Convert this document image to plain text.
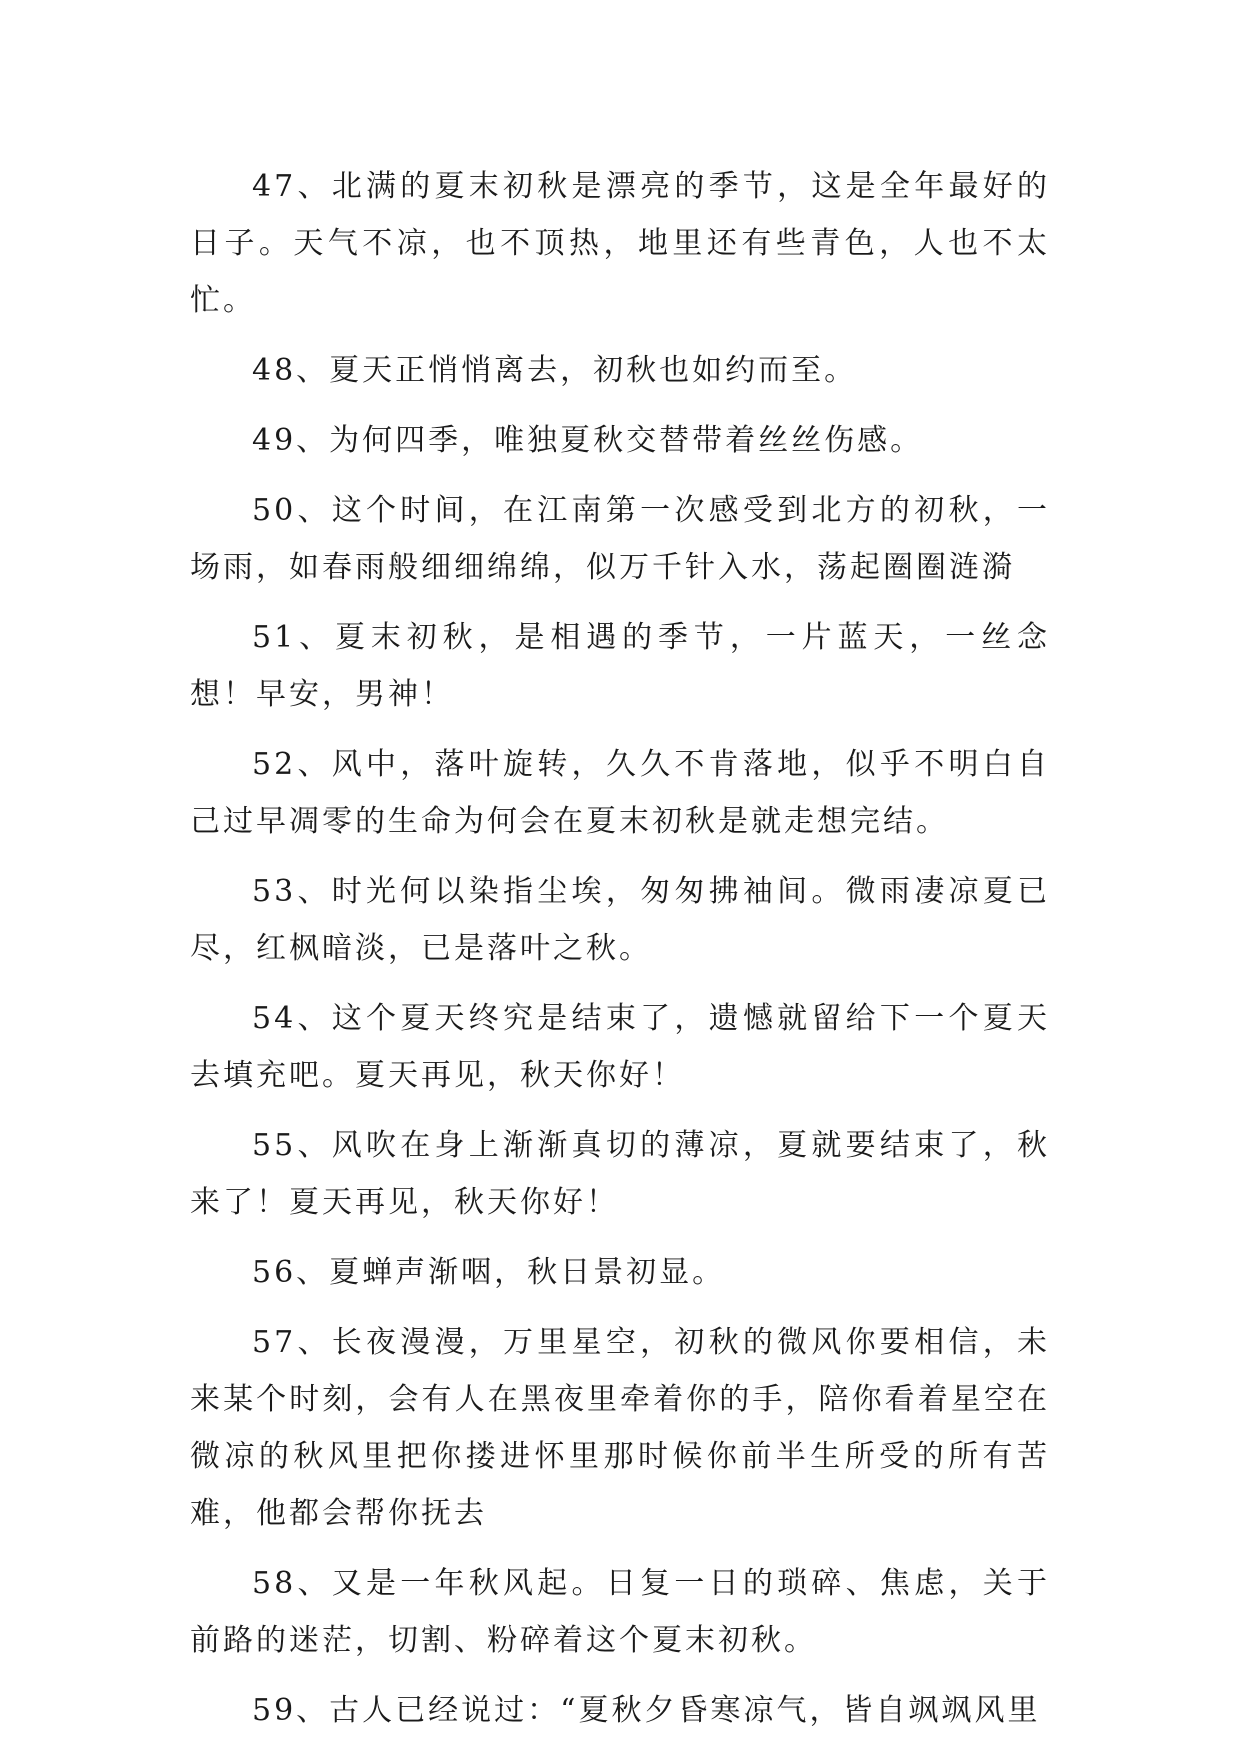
47、北满的夏末初秋是漂亮的季节，这是全年最好的日子。天气不凉，也不顶热，地里还有些青色，人也不太忙。

48、夏天正悄悄离去，初秋也如约而至。

49、为何四季，唯独夏秋交替带着丝丝伤感。

50、这个时间，在江南第一次感受到北方的初秋，一场雨，如春雨般细细绵绵，似万千针入水，荡起圈圈涟漪

51、夏末初秋，是相遇的季节，一片蓝天，一丝念想！早安，男神！

52、风中，落叶旋转，久久不肯落地，似乎不明白自己过早凋零的生命为何会在夏末初秋是就走想完结。

53、时光何以染指尘埃，匆匆拂袖间。微雨凄凉夏已尽，红枫暗淡，已是落叶之秋。

54、这个夏天终究是结束了，遗憾就留给下一个夏天去填充吧。夏天再见，秋天你好！

55、风吹在身上渐渐真切的薄凉，夏就要结束了，秋来了！夏天再见，秋天你好！

56、夏蝉声渐咽，秋日景初显。

57、长夜漫漫，万里星空，初秋的微风你要相信，未来某个时刻，会有人在黑夜里牵着你的手，陪你看着星空在微凉的秋风里把你搂进怀里那时候你前半生所受的所有苦难，他都会帮你抚去

58、又是一年秋风起。日复一日的琐碎、焦虑，关于前路的迷茫，切割、粉碎着这个夏末初秋。

59、古人已经说过：“夏秋夕昏寒凉气，皆自飒飒风里
